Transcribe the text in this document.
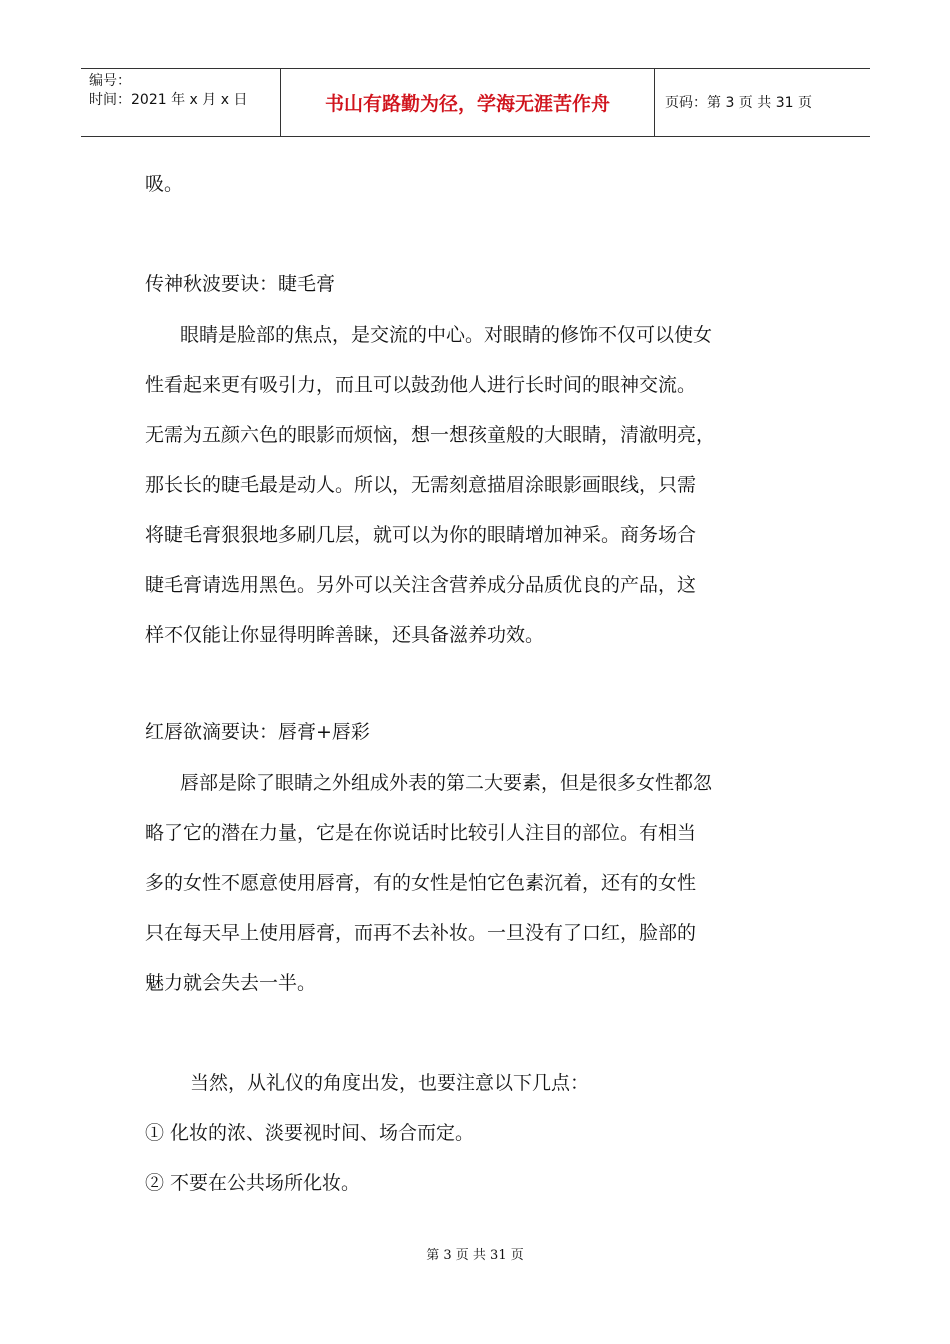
编号：
时间：2021 年 x 月 x 日	书山有路勤为径，学海无涯苦作舟	页码：第 3 页 共 31 页
吸。
传神秋波要诀：睫毛膏
眼睛是脸部的焦点，是交流的中心。对眼睛的修饰不仅可以使女
性看起来更有吸引力，而且可以鼓劲他人进行长时间的眼神交流。
无需为五颜六色的眼影而烦恼，想一想孩童般的大眼睛，清澈明亮，
那长长的睫毛最是动人。所以，无需刻意描眉涂眼影画眼线，只需
将睫毛膏狠狠地多刷几层，就可以为你的眼睛增加神采。商务场合
睫毛膏请选用黑色。另外可以关注含营养成分品质优良的产品，这
样不仅能让你显得明眸善睐，还具备滋养功效。
红唇欲滴要诀：唇膏+唇彩
唇部是除了眼睛之外组成外表的第二大要素，但是很多女性都忽
略了它的潜在力量，它是在你说话时比较引人注目的部位。有相当
多的女性不愿意使用唇膏，有的女性是怕它色素沉着，还有的女性
只在每天早上使用唇膏，而再不去补妆。一旦没有了口红，脸部的
魅力就会失去一半。
当然，从礼仪的角度出发，也要注意以下几点：
① 化妆的浓、淡要视时间、场合而定。
② 不要在公共场所化妆。
第 3 页 共 31 页
